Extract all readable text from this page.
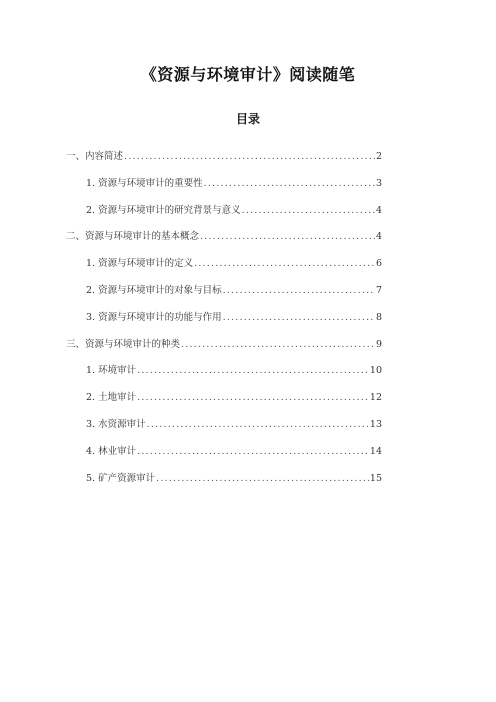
《资源与环境审计》阅读随笔
目录
一、内容简述 .....	2
1. 资源与环境审计的重要性 .....	3
2. 资源与环境审计的研究背景与意义 .....	4
二、资源与环境审计的基本概念 .....	4
1. 资源与环境审计的定义 .....	6
2. 资源与环境审计的对象与目标 .....	7
3. 资源与环境审计的功能与作用 .....	8
三、资源与环境审计的种类 .....	9
1. 环境审计 .....	10
2. 土地审计 .....	12
3. 水资源审计 .....	13
4. 林业审计 .....	14
5. 矿产资源审计 .....	15
